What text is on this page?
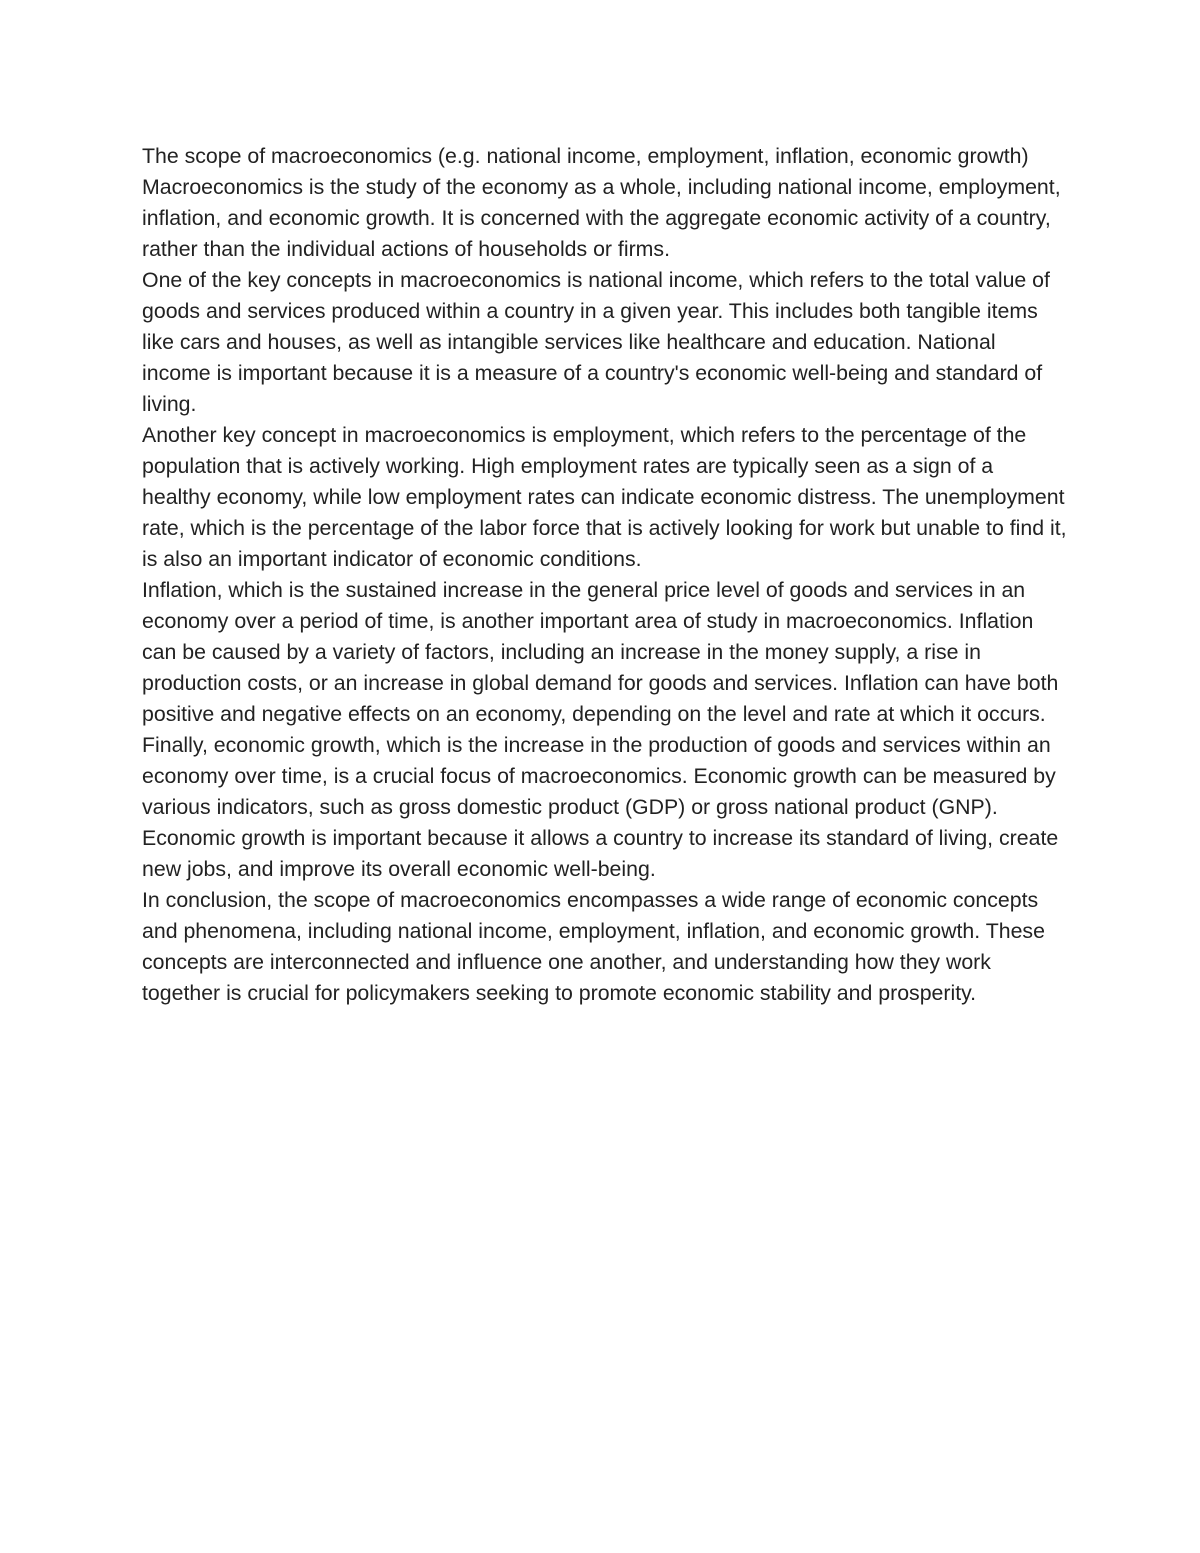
The scope of macroeconomics (e.g. national income, employment, inflation, economic growth)

Macroeconomics is the study of the economy as a whole, including national income, employment, inflation, and economic growth. It is concerned with the aggregate economic activity of a country, rather than the individual actions of households or firms.

One of the key concepts in macroeconomics is national income, which refers to the total value of goods and services produced within a country in a given year. This includes both tangible items like cars and houses, as well as intangible services like healthcare and education. National income is important because it is a measure of a country's economic well-being and standard of living.

Another key concept in macroeconomics is employment, which refers to the percentage of the population that is actively working. High employment rates are typically seen as a sign of a healthy economy, while low employment rates can indicate economic distress. The unemployment rate, which is the percentage of the labor force that is actively looking for work but unable to find it, is also an important indicator of economic conditions.

Inflation, which is the sustained increase in the general price level of goods and services in an economy over a period of time, is another important area of study in macroeconomics. Inflation can be caused by a variety of factors, including an increase in the money supply, a rise in production costs, or an increase in global demand for goods and services. Inflation can have both positive and negative effects on an economy, depending on the level and rate at which it occurs.

Finally, economic growth, which is the increase in the production of goods and services within an economy over time, is a crucial focus of macroeconomics. Economic growth can be measured by various indicators, such as gross domestic product (GDP) or gross national product (GNP). Economic growth is important because it allows a country to increase its standard of living, create new jobs, and improve its overall economic well-being.

In conclusion, the scope of macroeconomics encompasses a wide range of economic concepts and phenomena, including national income, employment, inflation, and economic growth. These concepts are interconnected and influence one another, and understanding how they work together is crucial for policymakers seeking to promote economic stability and prosperity.
